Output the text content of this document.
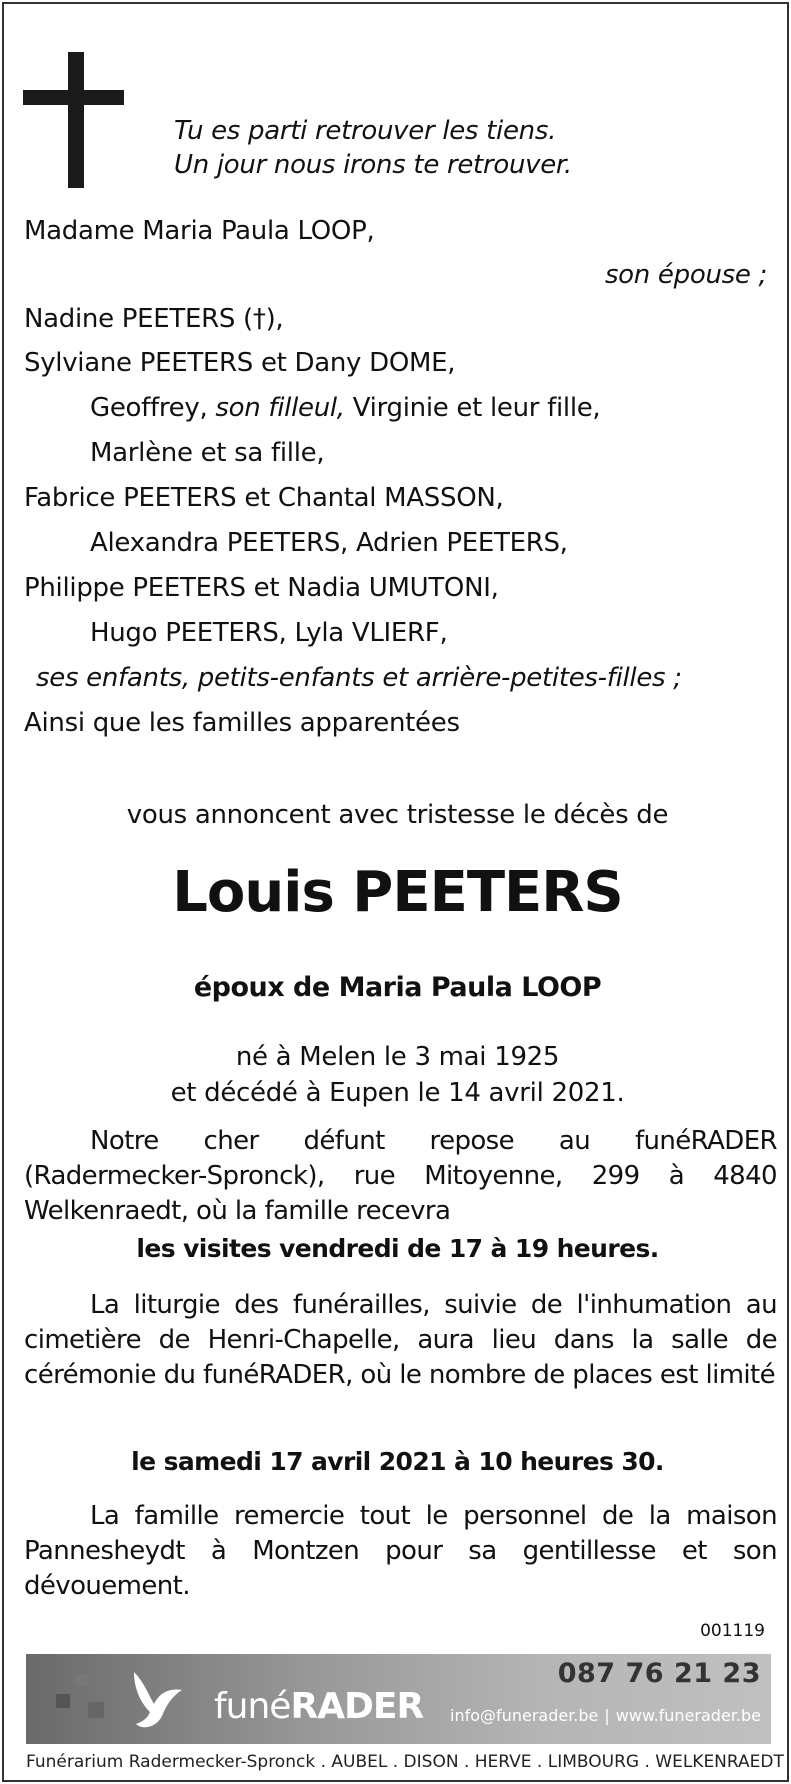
Tu es parti retrouver les tiens.
Un jour nous irons te retrouver.
Madame Maria Paula LOOP,
son épouse ;
Nadine PEETERS (†),
Sylviane PEETERS et Dany DOME,
Geoffrey, son filleul, Virginie et leur fille,
Marlène et sa fille,
Fabrice PEETERS et Chantal MASSON,
Alexandra PEETERS, Adrien PEETERS,
Philippe PEETERS et Nadia UMUTONI,
Hugo PEETERS, Lyla VLIERF,
ses enfants, petits-enfants et arrière-petites-filles ;
Ainsi que les familles apparentées
vous annoncent avec tristesse le décès de
Louis PEETERS
époux de Maria Paula LOOP
né à Melen le 3 mai 1925
et décédé à Eupen le 14 avril 2021.
Notre cher défunt repose au funéRADER (Radermecker-Spronck), rue Mitoyenne, 299 à 4840 Welkenraedt, où la famille recevra
les visites vendredi de 17 à 19 heures.
La liturgie des funérailles, suivie de l'inhumation au cimetière de Henri-Chapelle, aura lieu dans la salle de cérémonie du funéRADER, où le nombre de places est limité
le samedi 17 avril 2021 à 10 heures 30.
La famille remercie tout le personnel de la maison Pannesheydt à Montzen pour sa gentillesse et son dévouement.
001119
funéRADER
087 76 21 23
info@funerader.be | www.funerader.be
Funérarium Radermecker-Spronck . AUBEL . DISON . HERVE . LIMBOURG . WELKENRAEDT
